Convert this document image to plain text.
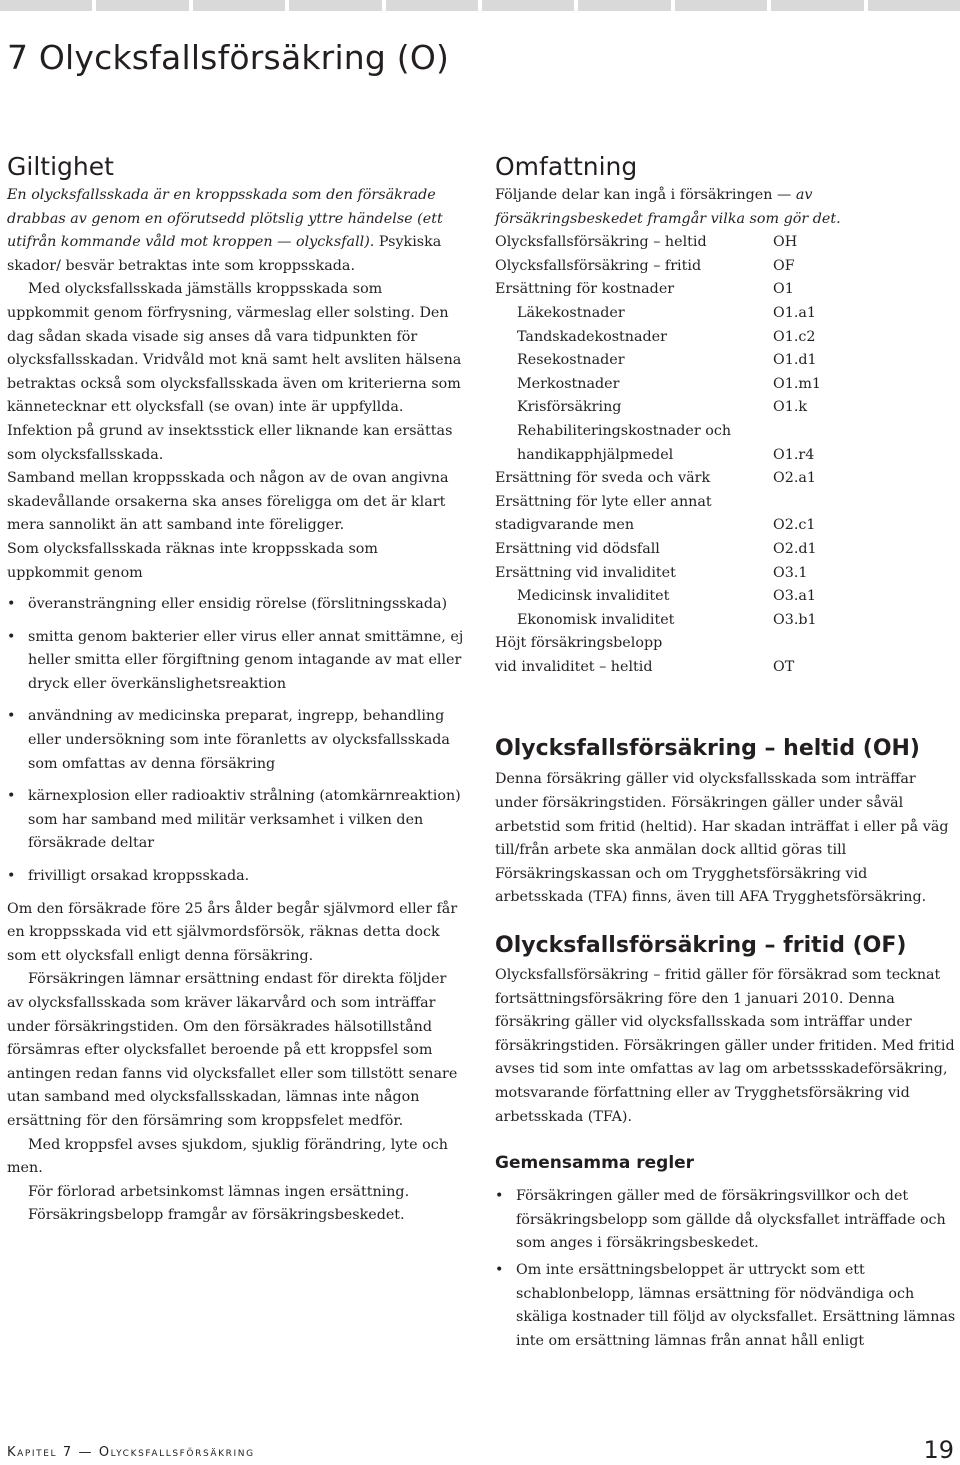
7 Olycksfallsförsäkring (O)
Giltighet

En olycksfallsskada är en kroppsskada som den försäkrade drabbas av genom en oförutsedd plötslig yttre händelse (ett utifrån kommande våld mot kroppen — olycksfall). Psykiska skador/ besvär betraktas inte som kroppsskada.

Med olycksfallsskada jämställs kroppsskada som uppkommit genom förfrysning, värmeslag eller solsting. Den dag sådan skada visade sig anses då vara tidpunkten för olycksfallsskadan. Vridvåld mot knä samt helt avsliten hälsena betraktas också som olycksfallsskada även om kriterierna som kännetecknar ett olycksfall (se ovan) inte är uppfyllda. Infektion på grund av insektsstick eller liknande kan ersättas som olycksfallsskada.

Samband mellan kroppsskada och någon av de ovan angivna skadevållande orsakerna ska anses föreligga om det är klart mera sannolikt än att samband inte föreligger.

Som olycksfallsskada räknas inte kroppsskada som uppkommit genom

• överansträngning eller ensidig rörelse (förslitningsskada)
• smitta genom bakterier eller virus eller annat smittämne, ej heller smitta eller förgiftning genom intagande av mat eller dryck eller överkänslighetsreaktion
• användning av medicinska preparat, ingrepp, behandling eller undersökning som inte föranletts av olycksfallsskada som omfattas av denna försäkring
• kärnexplosion eller radioaktiv strålning (atomkärnreaktion) som har samband med militär verksamhet i vilken den försäkrade deltar
• frivilligt orsakad kroppsskada.

Om den försäkrade före 25 års ålder begår självmord eller får en kroppsskada vid ett självmordsförsök, räknas detta dock som ett olycksfall enligt denna försäkring.

Försäkringen lämnar ersättning endast för direkta följder av olycksfallsskada som kräver läkarvård och som inträffar under försäkringstiden. Om den försäkrades hälsotillstånd försämras efter olycksfallet beroende på ett kroppsfel som antingen redan fanns vid olycksfallet eller som tillstött senare utan samband med olycksfallsskadan, lämnas inte någon ersättning för den försämring som kroppsfelet medför.

Med kroppsfel avses sjukdom, sjuklig förändring, lyte och men.

För förlorad arbetsinkomst lämnas ingen ersättning.

Försäkringsbelopp framgår av försäkringsbeskedet.

Omfattning

Följande delar kan ingå i försäkringen — av försäkringsbeskedet framgår vilka som gör det.

Olycksfallsförsäkring – heltid	OH
Olycksfallsförsäkring – fritid	OF
Ersättning för kostnader	O1
Läkekostnader	O1.a1
Tandskadekostnader	O1.c2
Resekostnader	O1.d1
Merkostnader	O1.m1
Krisförsäkring	O1.k
Rehabiliteringskostnader och
handikapphjälpmedel	O1.r4
Ersättning för sveda och värk	O2.a1
Ersättning för lyte eller annat
stadigvarande men	O2.c1
Ersättning vid dödsfall	O2.d1
Ersättning vid invaliditet	O3.1
Medicinsk invaliditet	O3.a1
Ekonomisk invaliditet	O3.b1
Höjt försäkringsbelopp
vid invaliditet – heltid	OT
Olycksfallsförsäkring – heltid (OH)

Denna försäkring gäller vid olycksfallsskada som inträffar under försäkringstiden. Försäkringen gäller under såväl arbetstid som fritid (heltid). Har skadan inträffat i eller på väg till/från arbete ska anmälan dock alltid göras till Försäkringskassan och om Trygghetsförsäkring vid arbetsskada (TFA) finns, även till AFA Trygghetsförsäkring.

Olycksfallsförsäkring – fritid (OF)

Olycksfallsförsäkring – fritid gäller för försäkrad som tecknat fortsättningsförsäkring före den 1 januari 2010. Denna försäkring gäller vid olycksfallsskada som inträffar under försäkringstiden. Försäkringen gäller under fritiden. Med fritid avses tid som inte omfattas av lag om arbetssskadeförsäkring, motsvarande författning eller av Trygghetsförsäkring vid arbetsskada (TFA).

Gemensamma regler
• Försäkringen gäller med de försäkringsvillkor och det försäkringsbelopp som gällde då olycksfallet inträffade och som anges i försäkringsbeskedet.
• Om inte ersättningsbeloppet är uttryckt som ett schablonbelopp, lämnas ersättning för nödvändiga och skäliga kostnader till följd av olycksfallet. Ersättning lämnas inte om ersättning lämnas från annat håll enligt
Kapitel 7 — Olycksfallsförsäkring	19
